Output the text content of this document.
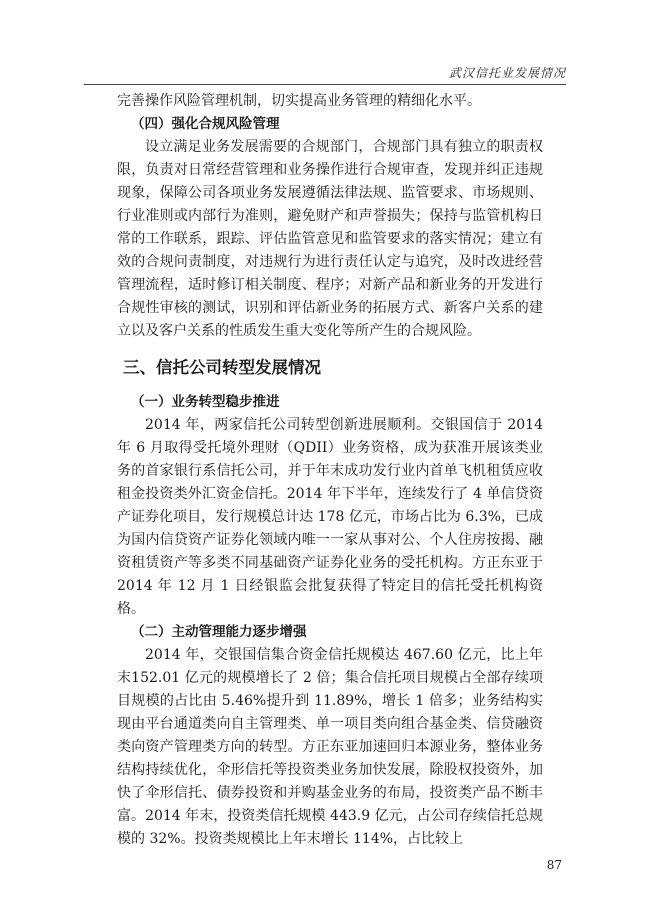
武汉信托业发展情况

完善操作风险管理机制，切实提高业务管理的精细化水平。

（四）强化合规风险管理

设立满足业务发展需要的合规部门，合规部门具有独立的职责权限，负责对日常经营管理和业务操作进行合规审查，发现并纠正违规现象，保障公司各项业务发展遵循法律法规、监管要求、市场规则、行业准则或内部行为准则，避免财产和声誉损失；保持与监管机构日常的工作联系，跟踪、评估监管意见和监管要求的落实情况；建立有效的合规问责制度，对违规行为进行责任认定与追究，及时改进经营管理流程，适时修订相关制度、程序；对新产品和新业务的开发进行合规性审核的测试，识别和评估新业务的拓展方式、新客户关系的建立以及客户关系的性质发生重大变化等所产生的合规风险。

三、信托公司转型发展情况

（一）业务转型稳步推进

2014 年，两家信托公司转型创新进展顺利。交银国信于 2014 年 6 月取得受托境外理财（QDII）业务资格，成为获准开展该类业务的首家银行系信托公司，并于年末成功发行业内首单飞机租赁应收租金投资类外汇资金信托。2014 年下半年，连续发行了 4 单信贷资产证券化项目，发行规模总计达 178 亿元，市场占比为 6.3%，已成为国内信贷资产证券化领域内唯一一家从事对公、个人住房按揭、融资租赁资产等多类不同基础资产证券化业务的受托机构。方正东亚于 2014 年 12 月 1 日经银监会批复获得了特定目的信托受托机构资格。

（二）主动管理能力逐步增强

2014 年，交银国信集合资金信托规模达 467.60 亿元，比上年末152.01 亿元的规模增长了 2 倍；集合信托项目规模占全部存续项目规模的占比由 5.46%提升到 11.89%，增长 1 倍多；业务结构实现由平台通道类向自主管理类、单一项目类向组合基金类、信贷融资类向资产管理类方向的转型。方正东亚加速回归本源业务，整体业务结构持续优化，伞形信托等投资类业务加快发展，除股权投资外，加快了伞形信托、债券投资和并购基金业务的布局，投资类产品不断丰富。2014 年末，投资类信托规模 443.9 亿元，占公司存续信托总规模的 32%。投资类规模比上年末增长 114%，占比较上

87
